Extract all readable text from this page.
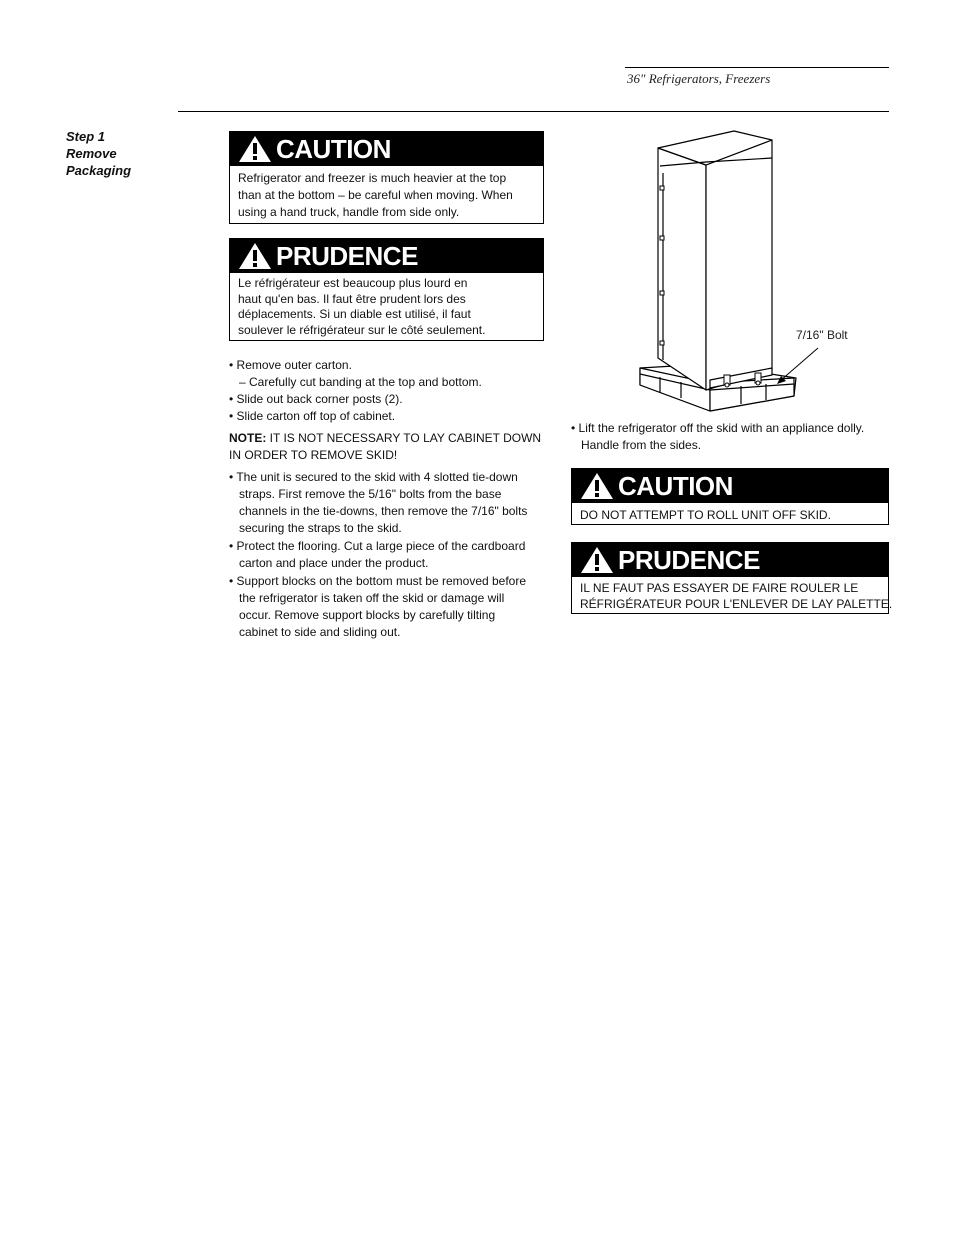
36" Refrigerators, Freezers
Step 1
Remove
Packaging
CAUTION
Refrigerator and freezer is much heavier at the top
than at the bottom – be careful when moving. When
using a hand truck, handle from side only.
PRUDENCE
Le réfrigérateur est beaucoup plus lourd en
haut qu'en bas. Il faut être prudent lors des
déplacements. Si un diable est utilisé, il faut
soulever le réfrigérateur sur le côté seulement.
• Remove outer carton.
– Carefully cut banding at the top and bottom.
• Slide out back corner posts (2).
• Slide carton off top of cabinet.
NOTE: IT IS NOT NECESSARY TO LAY CABINET DOWN
IN ORDER TO REMOVE SKID!
• The unit is secured to the skid with 4 slotted tie-down
straps. First remove the 5/16" bolts from the base
channels in the tie-downs, then remove the 7/16" bolts
securing the straps to the skid.
• Protect the flooring. Cut a large piece of the cardboard
carton and place under the product.
• Support blocks on the bottom must be removed before
the refrigerator is taken off the skid or damage will
occur. Remove support blocks by carefully tilting
cabinet to side and sliding out.
7/16" Bolt
• Lift the refrigerator off the skid with an appliance dolly.
Handle from the sides.
CAUTION
DO NOT ATTEMPT TO ROLL UNIT OFF SKID.
PRUDENCE
IL NE FAUT PAS ESSAYER DE FAIRE ROULER LE
RÉFRIGÉRATEUR POUR L'ENLEVER DE LAY PALETTE.
